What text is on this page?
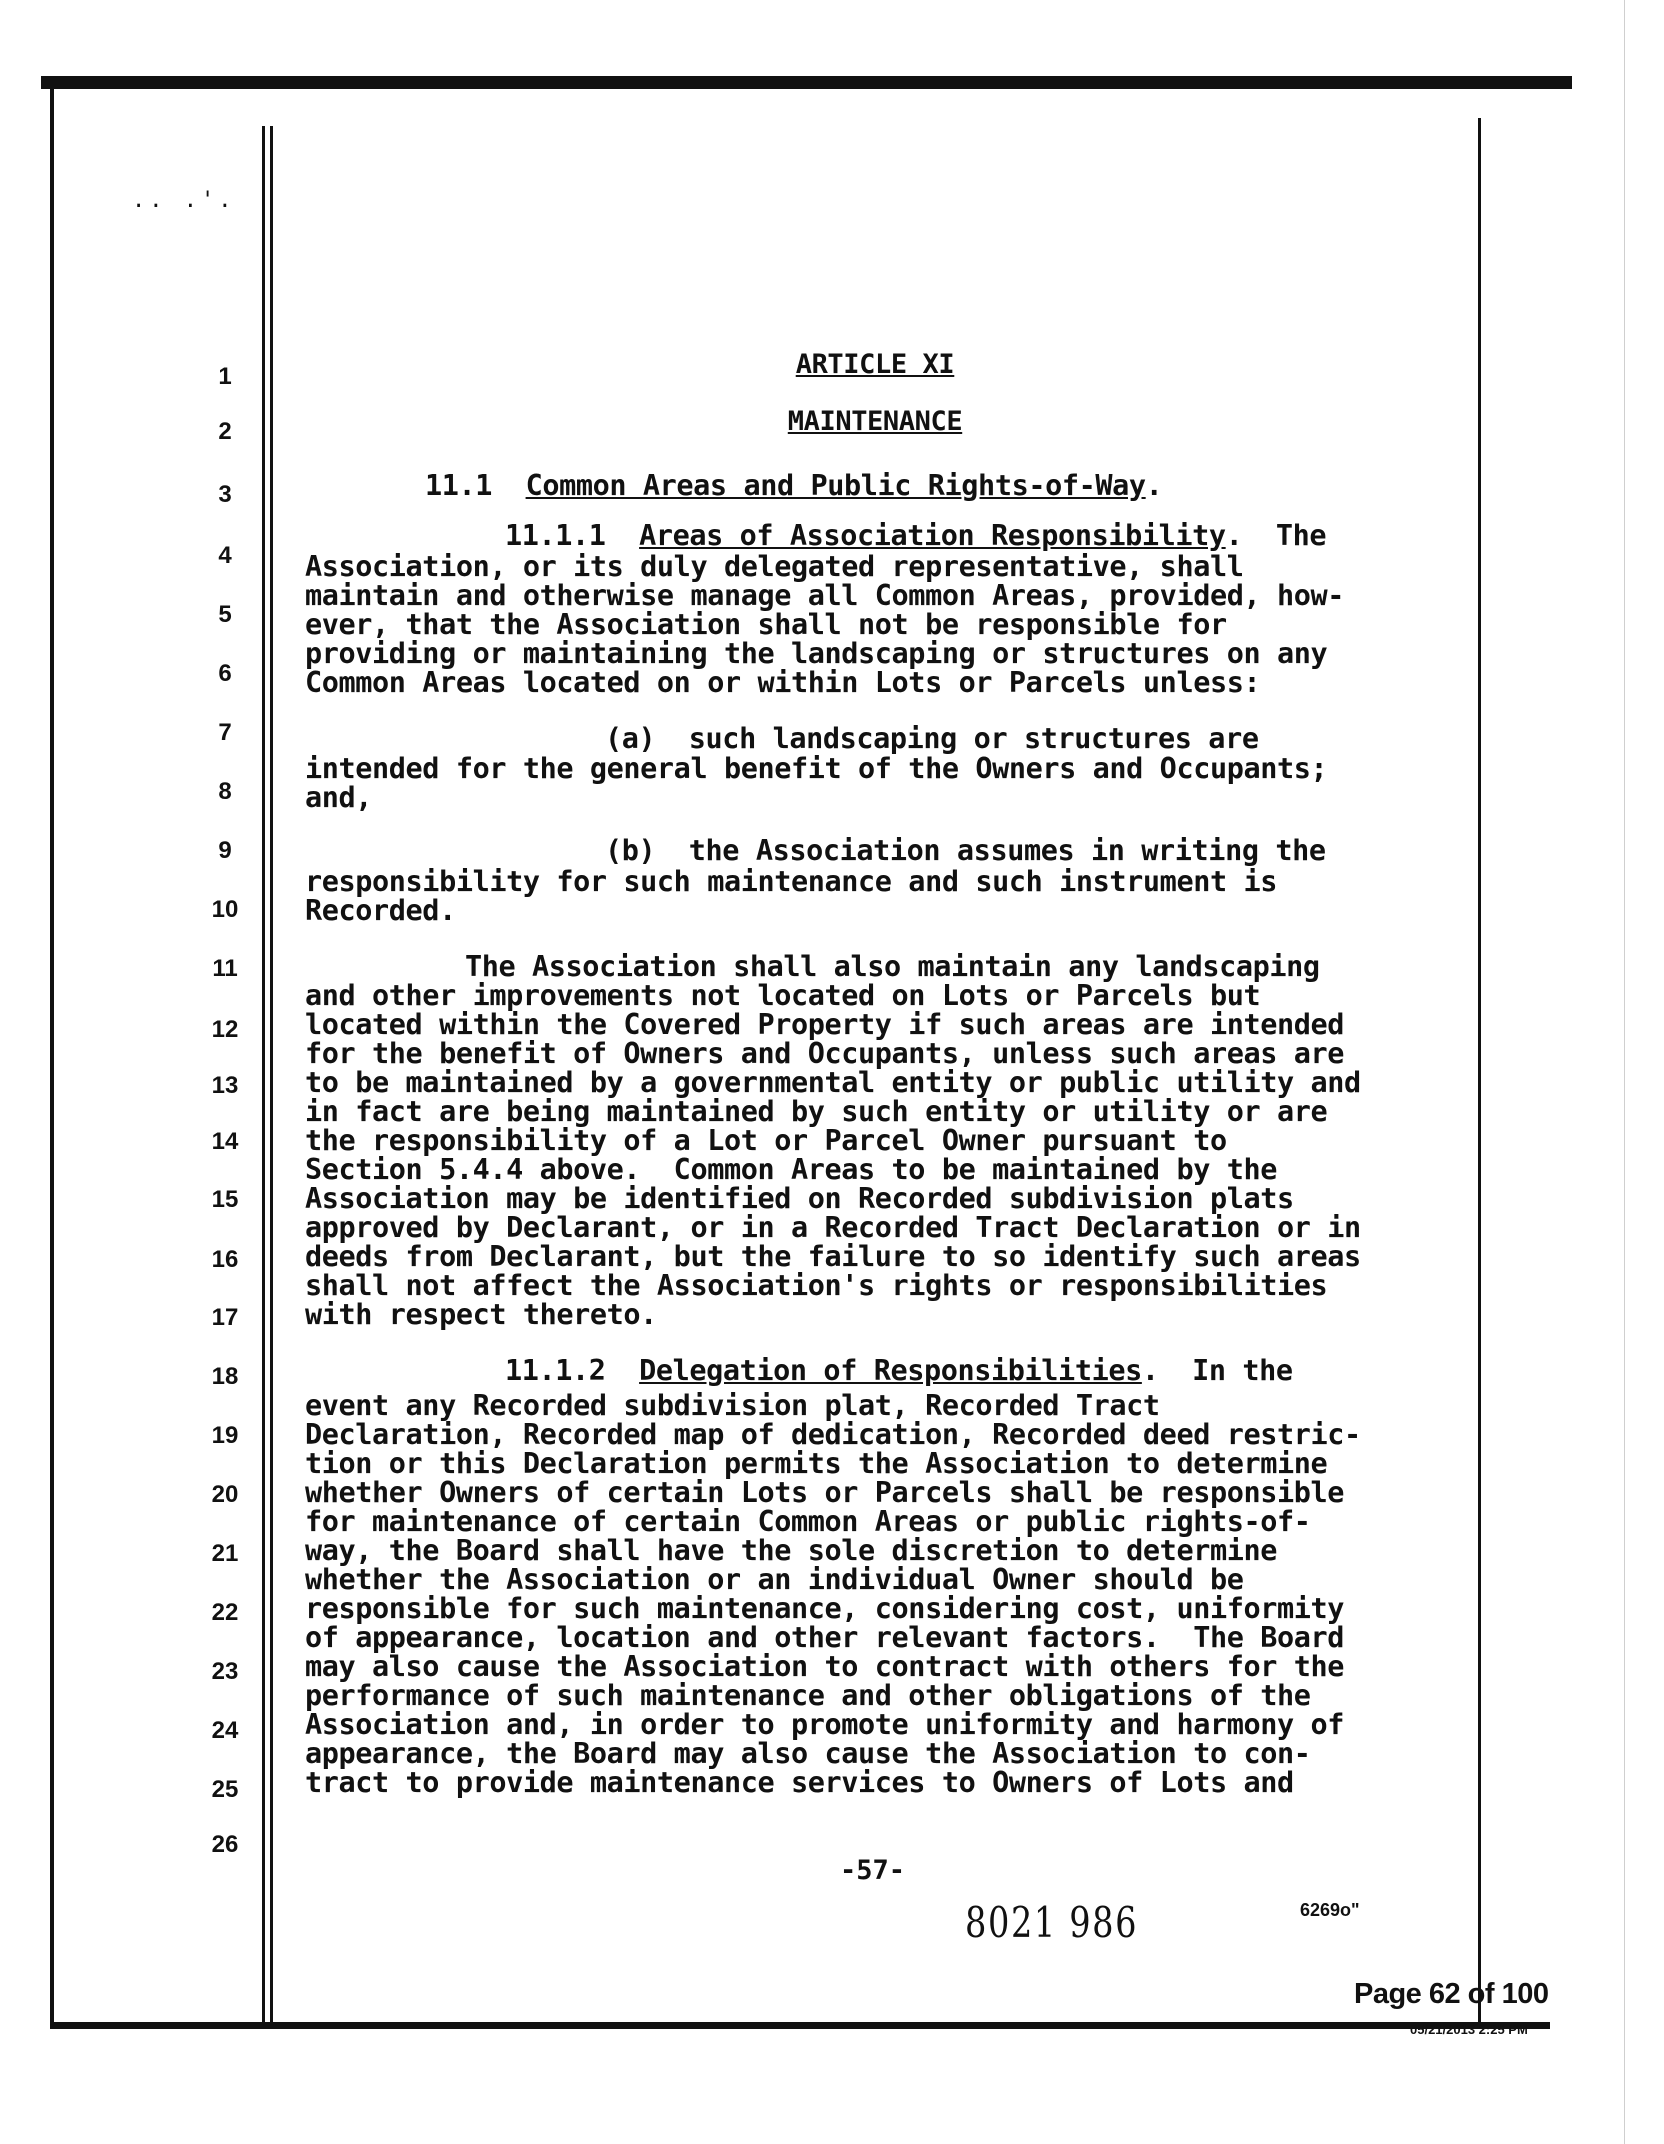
.. .'.
1
2
3
4
5
6
7
8
9
10
11
12
13
14
15
16
17
18
19
20
21
22
23
24
25
26
ARTICLE XI
MAINTENANCE
11.1 Common Areas and Public Rights-of-Way.
11.1.1 Areas of Association Responsibility.  The
Association, or its duly delegated representative, shall
maintain and otherwise manage all Common Areas, provided, how-
ever, that the Association shall not be responsible for
providing or maintaining the landscaping or structures on any
Common Areas located on or within Lots or Parcels unless:
(a)  such landscaping or structures are
intended for the general benefit of the Owners and Occupants;
and,
(b)  the Association assumes in writing the
responsibility for such maintenance and such instrument is
Recorded.
The Association shall also maintain any landscaping
and other improvements not located on Lots or Parcels but
located within the Covered Property if such areas are intended
for the benefit of Owners and Occupants, unless such areas are
to be maintained by a governmental entity or public utility and
in fact are being maintained by such entity or utility or are
the responsibility of a Lot or Parcel Owner pursuant to
Section 5.4.4 above.  Common Areas to be maintained by the
Association may be identified on Recorded subdivision plats
approved by Declarant, or in a Recorded Tract Declaration or in
deeds from Declarant, but the failure to so identify such areas
shall not affect the Association's rights or responsibilities
with respect thereto.
11.1.2 Delegation of Responsibilities.  In the
event any Recorded subdivision plat, Recorded Tract
Declaration, Recorded map of dedication, Recorded deed restric-
tion or this Declaration permits the Association to determine
whether Owners of certain Lots or Parcels shall be responsible
for maintenance of certain Common Areas or public rights-of-
way, the Board shall have the sole discretion to determine
whether the Association or an individual Owner should be
responsible for such maintenance, considering cost, uniformity
of appearance, location and other relevant factors.  The Board
may also cause the Association to contract with others for the
performance of such maintenance and other obligations of the
Association and, in order to promote uniformity and harmony of
appearance, the Board may also cause the Association to con-
tract to provide maintenance services to Owners of Lots and
-57-
8021 986	6269o"
Page 62 of 100
05/21/2013 2:25 PM
